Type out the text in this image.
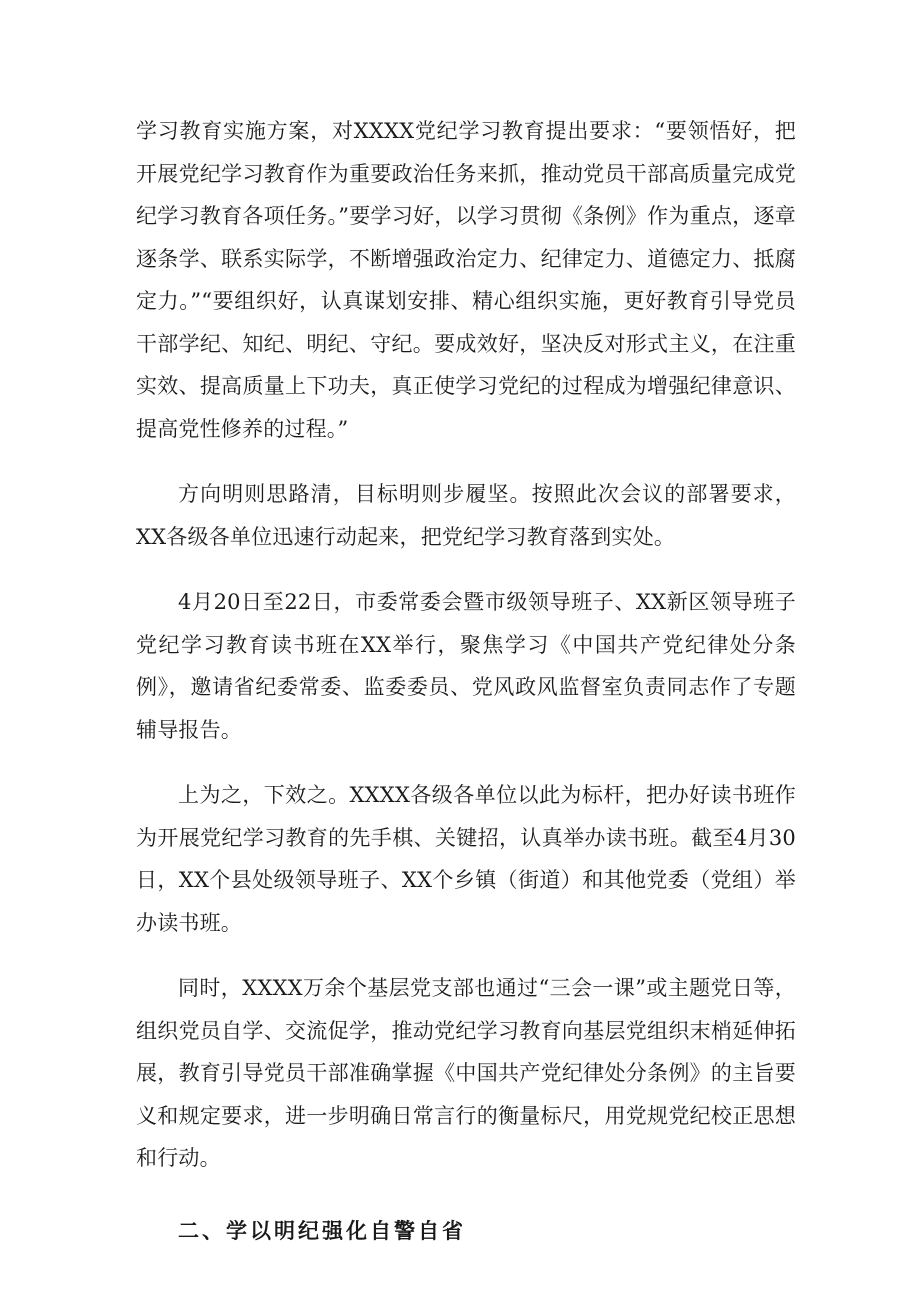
学习教育实施方案，对XXXX党纪学习教育提出要求：“要领悟好，把开展党纪学习教育作为重要政治任务来抓，推动党员干部高质量完成党纪学习教育各项任务。”要学习好，以学习贯彻《条例》作为重点，逐章逐条学、联系实际学，不断增强政治定力、纪律定力、道德定力、抵腐定力。”“要组织好，认真谋划安排、精心组织实施，更好教育引导党员干部学纪、知纪、明纪、守纪。要成效好，坚决反对形式主义，在注重实效、提高质量上下功夫，真正使学习党纪的过程成为增强纪律意识、提高党性修养的过程。”

方向明则思路清，目标明则步履坚。按照此次会议的部署要求，XX各级各单位迅速行动起来，把党纪学习教育落到实处。

4月20日至22日，市委常委会暨市级领导班子、XX新区领导班子党纪学习教育读书班在XX举行，聚焦学习《中国共产党纪律处分条例》，邀请省纪委常委、监委委员、党风政风监督室负责同志作了专题辅导报告。

上为之，下效之。XXXX各级各单位以此为标杆，把办好读书班作为开展党纪学习教育的先手棋、关键招，认真举办读书班。截至4月30日，XX个县处级领导班子、XX个乡镇（街道）和其他党委（党组）举办读书班。

同时，XXXX万余个基层党支部也通过“三会一课”或主题党日等，组织党员自学、交流促学，推动党纪学习教育向基层党组织末梢延伸拓展，教育引导党员干部准确掌握《中国共产党纪律处分条例》的主旨要义和规定要求，进一步明确日常言行的衡量标尺，用党规党纪校正思想和行动。

二、学以明纪强化自警自省
